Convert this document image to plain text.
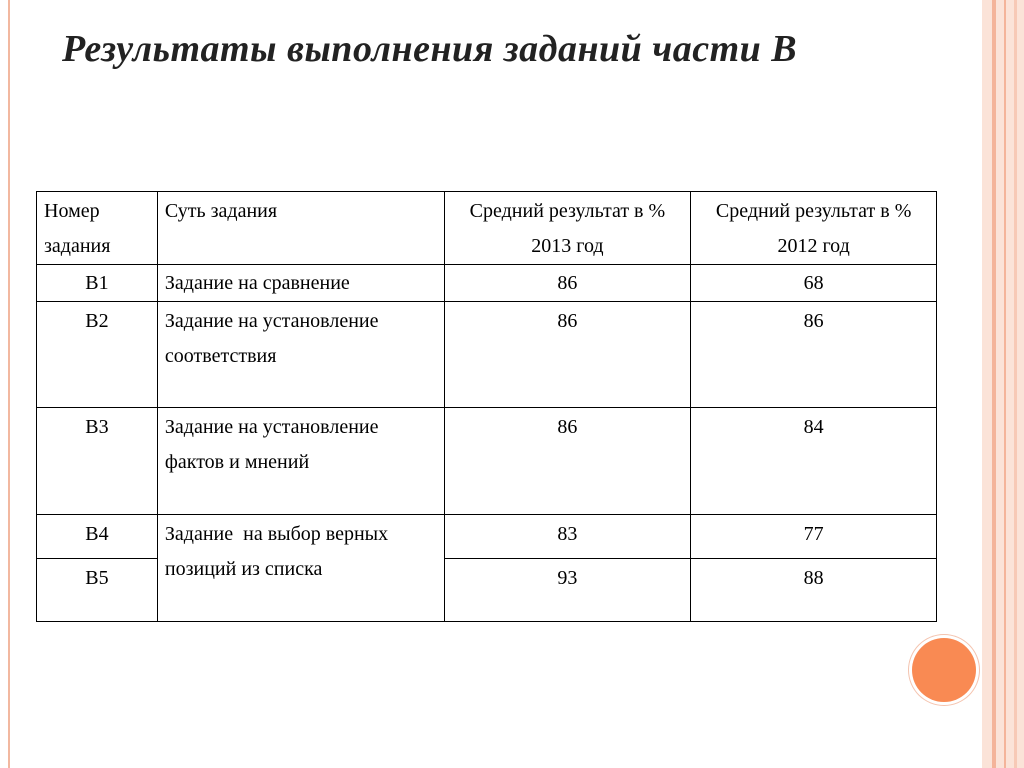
Результаты выполнения заданий части В
Номер задания	Суть задания	Средний результат в % 2013 год	Средний результат в % 2012 год
В1	Задание на сравнение	86	68
В2	Задание на установление соответствия	86	86
В3	Задание на установление фактов и мнений	86	84
В4	Задание  на выбор верных  позиций из списка	83	77
В5		93	88
